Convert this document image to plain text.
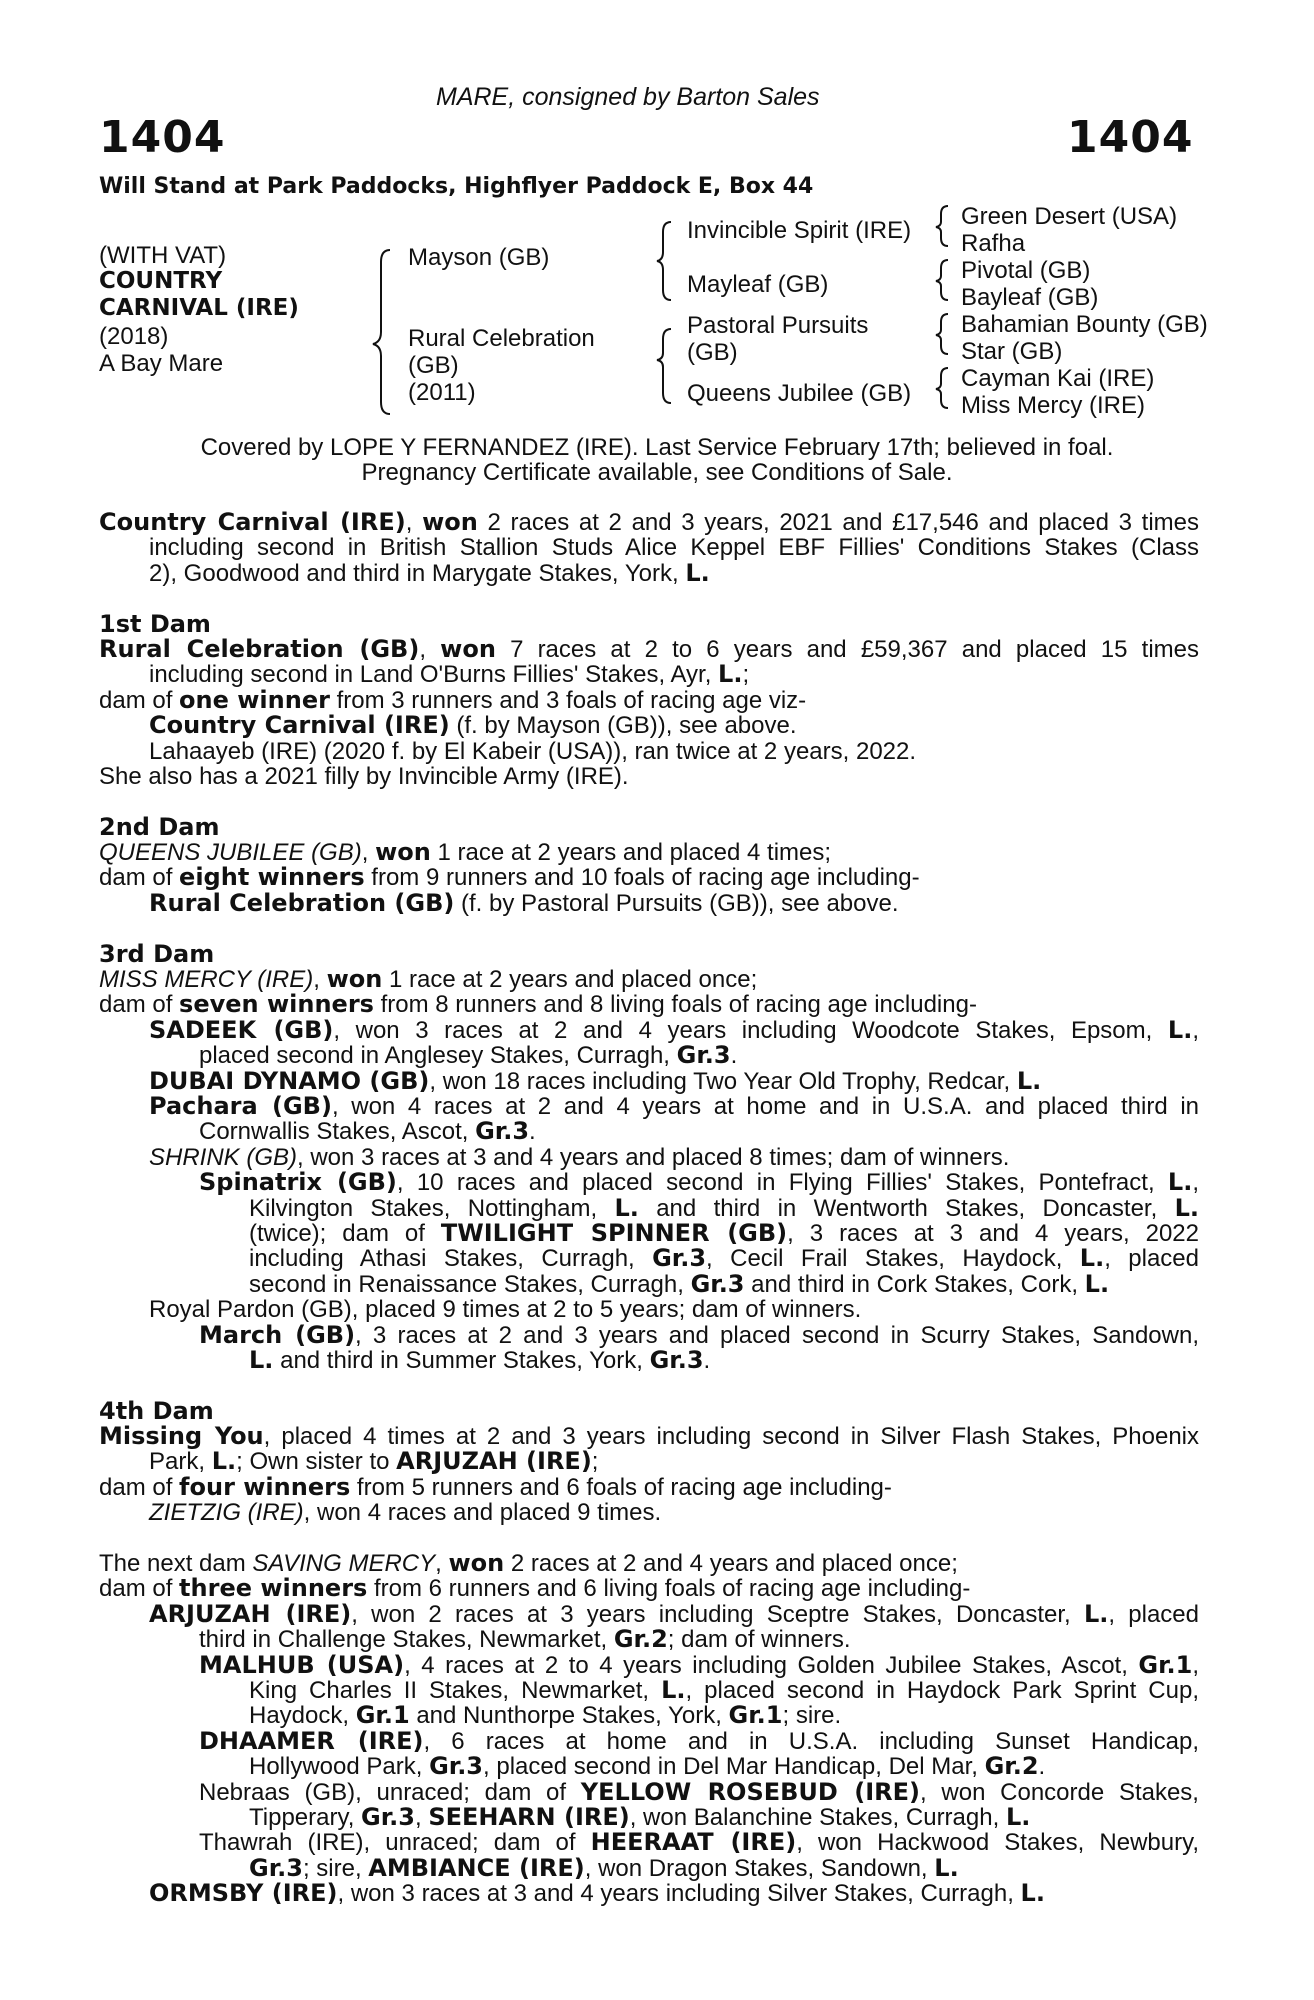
MARE, consigned by Barton Sales
1404	1404
Will Stand at Park Paddocks, Highflyer Paddock E, Box 44
(WITH VAT)
COUNTRY
CARNIVAL (IRE)
(2018)
A Bay Mare
Mayson (GB)
Rural Celebration
(GB)
(2011)
Invincible Spirit (IRE)
Mayleaf (GB)
Pastoral Pursuits
(GB)
Queens Jubilee (GB)
Green Desert (USA)
Rafha
Pivotal (GB)
Bayleaf (GB)
Bahamian Bounty (GB)
Star (GB)
Cayman Kai (IRE)
Miss Mercy (IRE)
Covered by LOPE Y FERNANDEZ (IRE). Last Service February 17th; believed in foal.
Pregnancy Certificate available, see Conditions of Sale.
Country Carnival (IRE), won 2 races at 2 and 3 years, 2021 and £17,546 and placed 3 times
including second in British Stallion Studs Alice Keppel EBF Fillies' Conditions Stakes (Class
2), Goodwood and third in Marygate Stakes, York, L.
1st Dam
Rural Celebration (GB), won 7 races at 2 to 6 years and £59,367 and placed 15 times
including second in Land O'Burns Fillies' Stakes, Ayr, L.;
dam of one winner from 3 runners and 3 foals of racing age viz-
Country Carnival (IRE) (f. by Mayson (GB)), see above.
Lahaayeb (IRE) (2020 f. by El Kabeir (USA)), ran twice at 2 years, 2022.
She also has a 2021 filly by Invincible Army (IRE).
2nd Dam
QUEENS JUBILEE (GB), won 1 race at 2 years and placed 4 times;
dam of eight winners from 9 runners and 10 foals of racing age including-
Rural Celebration (GB) (f. by Pastoral Pursuits (GB)), see above.
3rd Dam
MISS MERCY (IRE), won 1 race at 2 years and placed once;
dam of seven winners from 8 runners and 8 living foals of racing age including-
SADEEK (GB), won 3 races at 2 and 4 years including Woodcote Stakes, Epsom, L.,
placed second in Anglesey Stakes, Curragh, Gr.3.
DUBAI DYNAMO (GB), won 18 races including Two Year Old Trophy, Redcar, L.
Pachara (GB), won 4 races at 2 and 4 years at home and in U.S.A. and placed third in
Cornwallis Stakes, Ascot, Gr.3.
SHRINK (GB), won 3 races at 3 and 4 years and placed 8 times; dam of winners.
Spinatrix (GB), 10 races and placed second in Flying Fillies' Stakes, Pontefract, L.,
Kilvington Stakes, Nottingham, L. and third in Wentworth Stakes, Doncaster, L.
(twice); dam of TWILIGHT SPINNER (GB), 3 races at 3 and 4 years, 2022
including Athasi Stakes, Curragh, Gr.3, Cecil Frail Stakes, Haydock, L., placed
second in Renaissance Stakes, Curragh, Gr.3 and third in Cork Stakes, Cork, L.
Royal Pardon (GB), placed 9 times at 2 to 5 years; dam of winners.
March (GB), 3 races at 2 and 3 years and placed second in Scurry Stakes, Sandown,
L. and third in Summer Stakes, York, Gr.3.
4th Dam
Missing You, placed 4 times at 2 and 3 years including second in Silver Flash Stakes, Phoenix
Park, L.; Own sister to ARJUZAH (IRE);
dam of four winners from 5 runners and 6 foals of racing age including-
ZIETZIG (IRE), won 4 races and placed 9 times.
The next dam SAVING MERCY, won 2 races at 2 and 4 years and placed once;
dam of three winners from 6 runners and 6 living foals of racing age including-
ARJUZAH (IRE), won 2 races at 3 years including Sceptre Stakes, Doncaster, L., placed
third in Challenge Stakes, Newmarket, Gr.2; dam of winners.
MALHUB (USA), 4 races at 2 to 4 years including Golden Jubilee Stakes, Ascot, Gr.1,
King Charles II Stakes, Newmarket, L., placed second in Haydock Park Sprint Cup,
Haydock, Gr.1 and Nunthorpe Stakes, York, Gr.1; sire.
DHAAMER (IRE), 6 races at home and in U.S.A. including Sunset Handicap,
Hollywood Park, Gr.3, placed second in Del Mar Handicap, Del Mar, Gr.2.
Nebraas (GB), unraced; dam of YELLOW ROSEBUD (IRE), won Concorde Stakes,
Tipperary, Gr.3, SEEHARN (IRE), won Balanchine Stakes, Curragh, L.
Thawrah (IRE), unraced; dam of HEERAAT (IRE), won Hackwood Stakes, Newbury,
Gr.3; sire, AMBIANCE (IRE), won Dragon Stakes, Sandown, L.
ORMSBY (IRE), won 3 races at 3 and 4 years including Silver Stakes, Curragh, L.
